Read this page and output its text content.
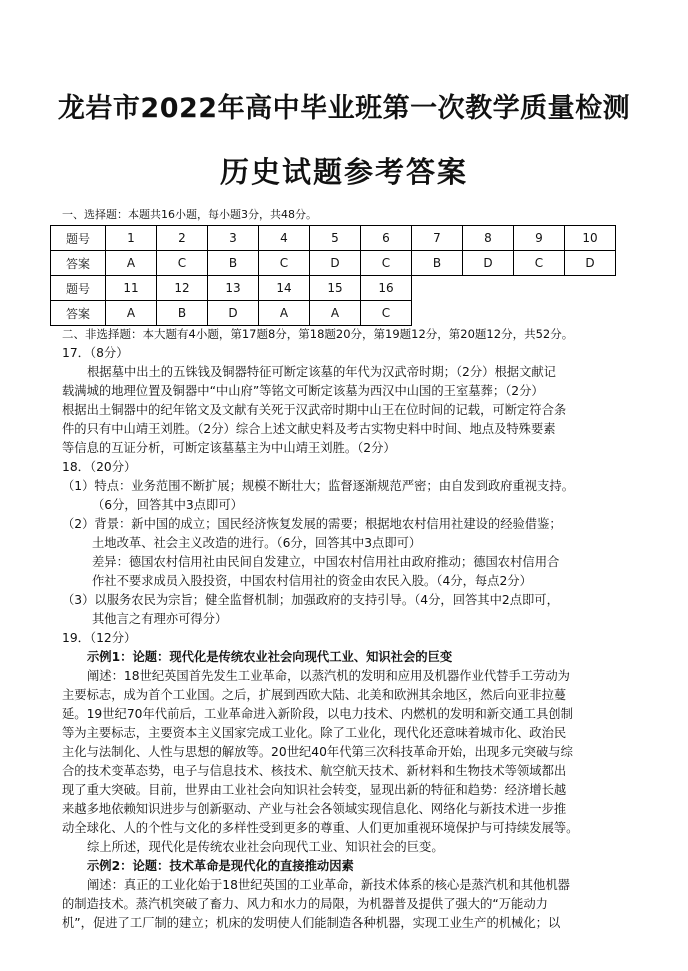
龙岩市2022年高中毕业班第一次教学质量检测
历史试题参考答案
一、选择题：本题共16小题，每小题3分，共48分。
题号	1	2	3	4	5	6	7	8	9	10
答案	A	C	B	C	D	C	B	D	C	D
题号	11	12	13	14	15	16				
答案	A	B	D	A	A	C				

二、非选择题：本大题有4小题，第17题8分，第18题20分，第19题12分，第20题12分，共52分。

17．（8分）

根据墓中出土的五铢钱及铜器特征可断定该墓的年代为汉武帝时期；（2分）根据文献记

载满城的地理位置及铜器中“中山府”等铭文可断定该墓为西汉中山国的王室墓葬；（2分）

根据出土铜器中的纪年铭文及文献有关死于汉武帝时期中山王在位时间的记载，可断定符合条

件的只有中山靖王刘胜。（2分）综合上述文献史料及考古实物史料中时间、地点及特殊要素

等信息的互证分析，可断定该墓墓主为中山靖王刘胜。（2分）

18．（20分）

（1）特点：业务范围不断扩展；规模不断壮大；监督逐渐规范严密；由自发到政府重视支持。

（6分，回答其中3点即可）

（2）背景：新中国的成立；国民经济恢复发展的需要；根据地农村信用社建设的经验借鉴；

土地改革、社会主义改造的进行。（6分，回答其中3点即可）

差异：德国农村信用社由民间自发建立，中国农村信用社由政府推动；德国农村信用合

作社不要求成员入股投资，中国农村信用社的资金由农民入股。（4分，每点2分）

（3）以服务农民为宗旨；健全监督机制；加强政府的支持引导。（4分，回答其中2点即可，

其他言之有理亦可得分）

19．（12分）

示例1：论题：现代化是传统农业社会向现代工业、知识社会的巨变

阐述：18世纪英国首先发生工业革命，以蒸汽机的发明和应用及机器作业代替手工劳动为

主要标志，成为首个工业国。之后，扩展到西欧大陆、北美和欧洲其余地区，然后向亚非拉蔓

延。19世纪70年代前后，工业革命进入新阶段，以电力技术、内燃机的发明和新交通工具创制

等为主要标志，主要资本主义国家完成工业化。除了工业化，现代化还意味着城市化、政治民

主化与法制化、人性与思想的解放等。20世纪40年代第三次科技革命开始，出现多元突破与综

合的技术变革态势，电子与信息技术、核技术、航空航天技术、新材料和生物技术等领域都出

现了重大突破。目前，世界由工业社会向知识社会转变，显现出新的特征和趋势：经济增长越

来越多地依赖知识进步与创新驱动、产业与社会各领域实现信息化、网络化与新技术进一步推

动全球化、人的个性与文化的多样性受到更多的尊重、人们更加重视环境保护与可持续发展等。

综上所述，现代化是传统农业社会向现代工业、知识社会的巨变。

示例2：论题：技术革命是现代化的直接推动因素

阐述：真正的工业化始于18世纪英国的工业革命，新技术体系的核心是蒸汽机和其他机器

的制造技术。蒸汽机突破了畜力、风力和水力的局限，为机器普及提供了强大的“万能动力

机”，促进了工厂制的建立；机床的发明使人们能制造各种机器，实现工业生产的机械化；以
